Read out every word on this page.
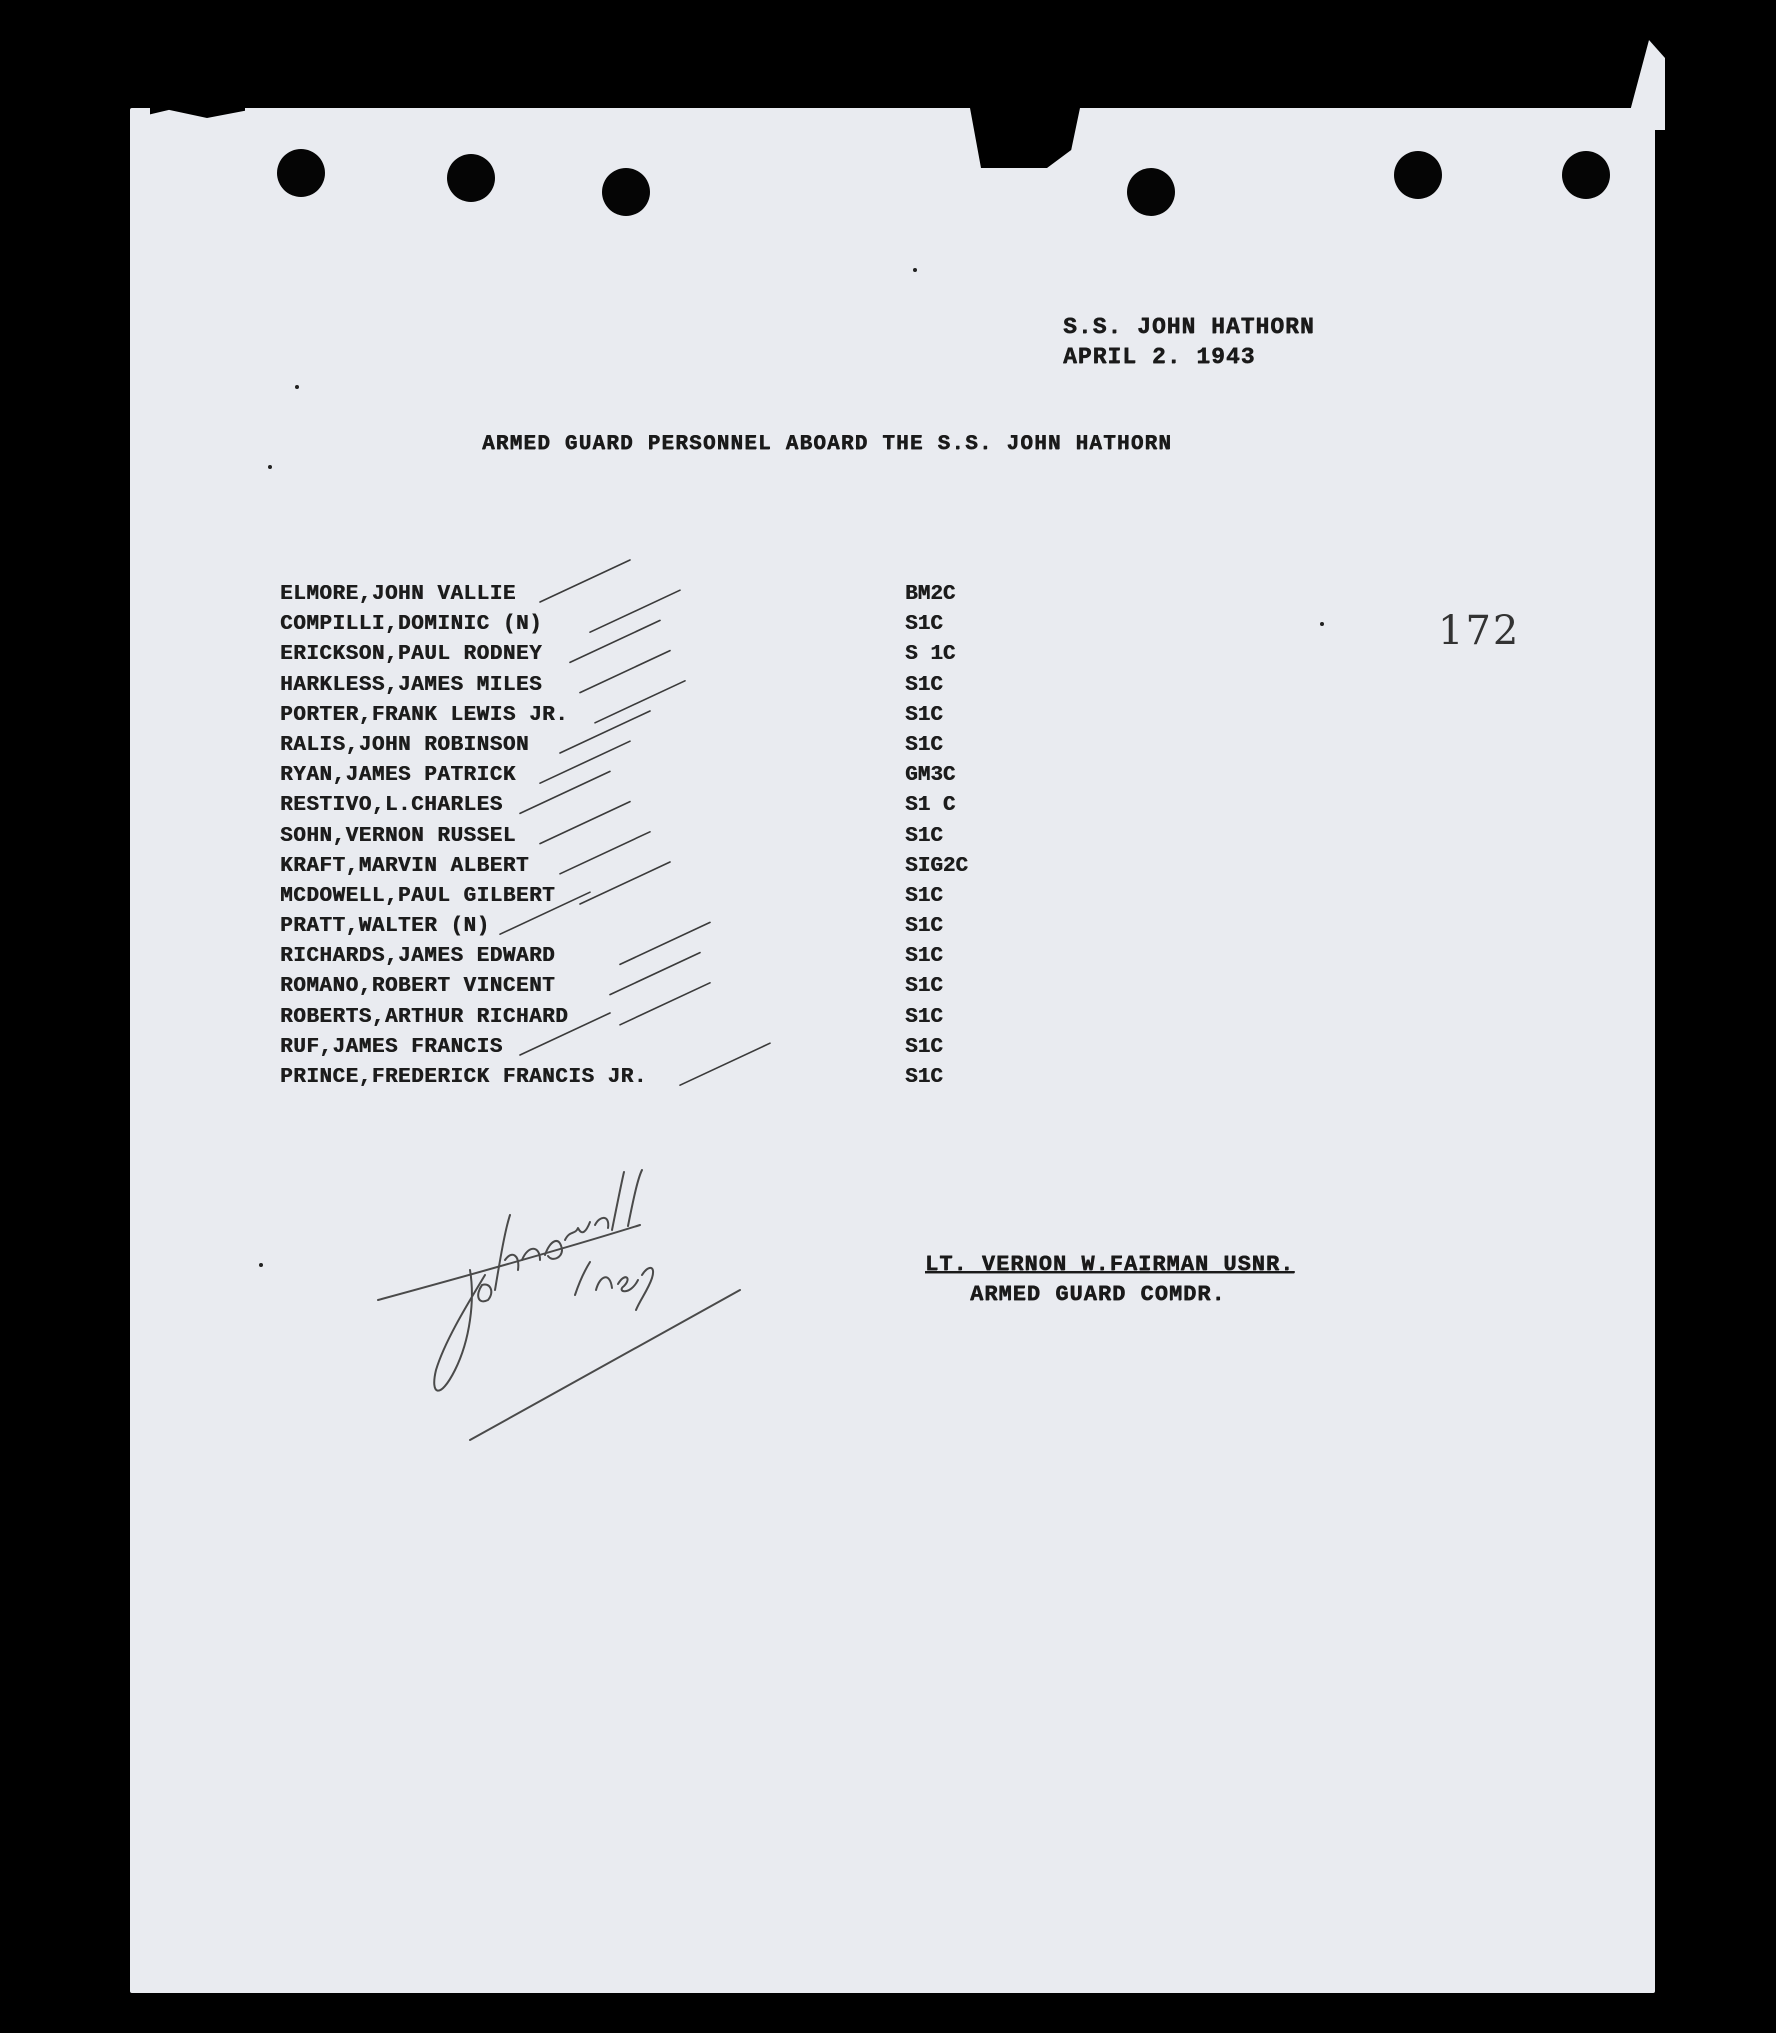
S.S. JOHN HATHORN
APRIL 2. 1943
ARMED GUARD PERSONNEL ABOARD THE S.S. JOHN HATHORN
172
ELMORE,JOHN VALLIE	BM2C
COMPILLI,DOMINIC (N)	S1C
ERICKSON,PAUL RODNEY	S 1C
HARKLESS,JAMES MILES	S1C
PORTER,FRANK LEWIS JR.	S1C
RALIS,JOHN ROBINSON	S1C
RYAN,JAMES PATRICK	GM3C
RESTIVO,L.CHARLES	S1 C
SOHN,VERNON RUSSEL	S1C
KRAFT,MARVIN ALBERT	SIG2C
MCDOWELL,PAUL GILBERT	S1C
PRATT,WALTER (N)	S1C
RICHARDS,JAMES EDWARD	S1C
ROMANO,ROBERT VINCENT	S1C
ROBERTS,ARTHUR RICHARD	S1C
RUF,JAMES FRANCIS	S1C
PRINCE,FREDERICK FRANCIS JR.	S1C
LT. VERNON W.FAIRMAN USNR.
ARMED GUARD COMDR.
